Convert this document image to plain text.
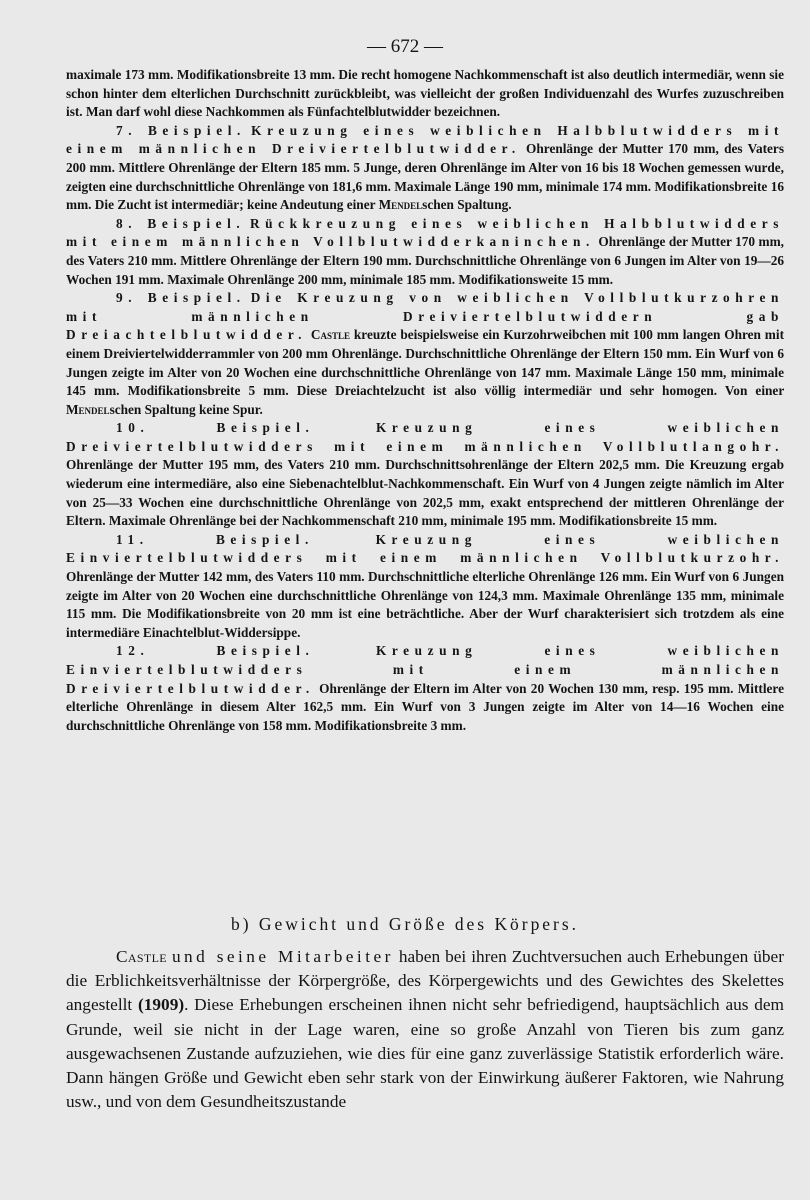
— 672 —

maximale 173 mm. Modifikationsbreite 13 mm. Die recht homogene Nachkommenschaft ist also deutlich intermediär, wenn sie schon hinter dem elterlichen Durchschnitt zurückbleibt, was vielleicht der großen Individuenzahl des Wurfes zuzuschreiben ist. Man darf wohl diese Nachkommen als Fünfachtelblutwidder bezeichnen.

7. Beispiel. Kreuzung eines weiblichen Halbblutwidders mit einem männlichen Dreiviertelblutwidder. Ohrenlänge der Mutter 170 mm, des Vaters 200 mm. Mittlere Ohrenlänge der Eltern 185 mm. 5 Junge, deren Ohrenlänge im Alter von 16 bis 18 Wochen gemessen wurde, zeigten eine durchschnittliche Ohrenlänge von 181,6 mm. Maximale Länge 190 mm, minimale 174 mm. Modifikationsbreite 16 mm. Die Zucht ist intermediär; keine Andeutung einer Mendelschen Spaltung.

8. Beispiel. Rückkreuzung eines weiblichen Halbblutwidders mit einem männlichen Vollblutwidderkaninchen. Ohrenlänge der Mutter 170 mm, des Vaters 210 mm. Mittlere Ohrenlänge der Eltern 190 mm. Durchschnittliche Ohrenlänge von 6 Jungen im Alter von 19—26 Wochen 191 mm. Maximale Ohrenlänge 200 mm, minimale 185 mm. Modifikationsweite 15 mm.

9. Beispiel. Die Kreuzung von weiblichen Vollblutkurzohren mit männlichen Dreiviertelblutwiddern gab Dreiachtelblutwidder. Castle kreuzte beispielsweise ein Kurzohrweibchen mit 100 mm langen Ohren mit einem Dreiviertelwidderrammler von 200 mm Ohrenlänge. Durchschnittliche Ohrenlänge der Eltern 150 mm. Ein Wurf von 6 Jungen zeigte im Alter von 20 Wochen eine durchschnittliche Ohrenlänge von 147 mm. Maximale Länge 150 mm, minimale 145 mm. Modifikationsbreite 5 mm. Diese Dreiachtelzucht ist also völlig intermediär und sehr homogen. Von einer Mendelschen Spaltung keine Spur.

10. Beispiel.	Kreuzung eines weiblichen Dreiviertelblutwidders mit einem männlichen Vollblutlangohr. Ohrenlänge der Mutter 195 mm, des Vaters 210 mm. Durchschnittsohrenlänge der Eltern 202,5 mm. Die Kreuzung ergab wiederum eine intermediäre, also eine Siebenachtelblut-Nachkommenschaft. Ein Wurf von 4 Jungen zeigte nämlich im Alter von 25—33 Wochen eine durchschnittliche Ohrenlänge von 202,5 mm, exakt entsprechend der mittleren Ohrenlänge der Eltern. Maximale Ohrenlänge bei der Nachkommenschaft 210 mm, minimale 195 mm. Modifikationsbreite 15 mm.

11. Beispiel.	Kreuzung eines weiblichen Einviertelblutwidders mit einem männlichen Vollblutkurzohr. Ohrenlänge der Mutter 142 mm, des Vaters 110 mm. Durchschnittliche elterliche Ohrenlänge 126 mm. Ein Wurf von 6 Jungen zeigte im Alter von 20 Wochen eine durchschnittliche Ohrenlänge von 124,3 mm. Maximale Ohrenlänge 135 mm, minimale 115 mm. Die Modifikationsbreite von 20 mm ist eine beträchtliche. Aber der Wurf charakterisiert sich trotzdem als eine intermediäre Einachtelblut-Widdersippe.

12. Beispiel.	Kreuzung eines weiblichen Einviertelblutwidders mit einem männlichen Dreiviertelblutwidder. Ohrenlänge der Eltern im Alter von 20 Wochen 130 mm, resp. 195 mm. Mittlere elterliche Ohrenlänge in diesem Alter 162,5 mm. Ein Wurf von 3 Jungen zeigte im Alter von 14—16 Wochen eine durchschnittliche Ohrenlänge von 158 mm. Modifikationsbreite 3 mm.

b) Gewicht und Größe des Körpers.

Castle und seine Mitarbeiter haben bei ihren Zuchtversuchen auch Erhebungen über die Erblichkeitsverhältnisse der Körpergröße, des Körpergewichts und des Gewichtes des Skelettes angestellt (1909). Diese Erhebungen erscheinen ihnen nicht sehr befriedigend, hauptsächlich aus dem Grunde, weil sie nicht in der Lage waren, eine so große Anzahl von Tieren bis zum ganz ausgewachsenen Zustande aufzuziehen, wie dies für eine ganz zuverlässige Statistik erforderlich wäre. Dann hängen Größe und Gewicht eben sehr stark von der Einwirkung äußerer Faktoren, wie Nahrung usw., und von dem Gesundheitszustande
